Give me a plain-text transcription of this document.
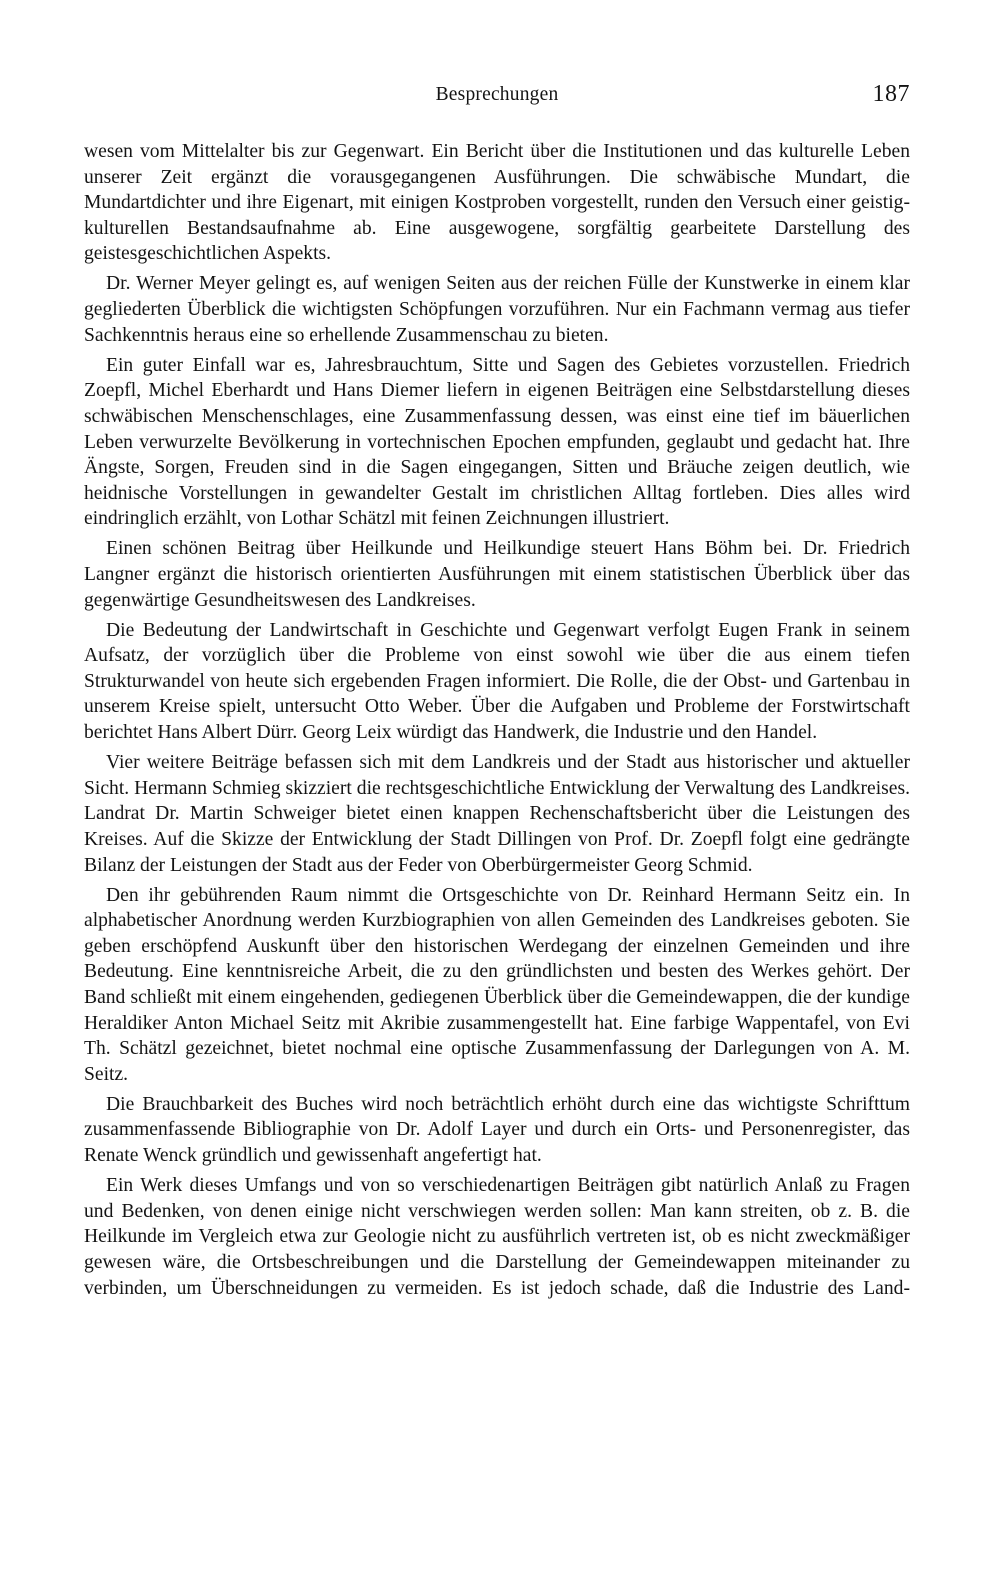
Besprechungen	187

wesen vom Mittelalter bis zur Gegenwart. Ein Bericht über die Institutionen und das kulturelle Leben unserer Zeit ergänzt die vorausgegangenen Ausführungen. Die schwäbische Mundart, die Mundartdichter und ihre Eigenart, mit einigen Kostproben vorgestellt, runden den Versuch einer geistig-kulturellen Bestandsaufnahme ab. Eine ausgewogene, sorgfältig gearbeitete Darstellung des geistesgeschichtlichen Aspekts.

Dr. Werner Meyer gelingt es, auf wenigen Seiten aus der reichen Fülle der Kunstwerke in einem klar gegliederten Überblick die wichtigsten Schöpfungen vorzuführen. Nur ein Fachmann vermag aus tiefer Sachkenntnis heraus eine so erhellende Zusammenschau zu bieten.

Ein guter Einfall war es, Jahresbrauchtum, Sitte und Sagen des Gebietes vorzustellen. Friedrich Zoepfl, Michel Eberhardt und Hans Diemer liefern in eigenen Beiträgen eine Selbstdarstellung dieses schwäbischen Menschenschlages, eine Zusammenfassung dessen, was einst eine tief im bäuerlichen Leben verwurzelte Bevölkerung in vortechnischen Epochen empfunden, geglaubt und gedacht hat. Ihre Ängste, Sorgen, Freuden sind in die Sagen eingegangen, Sitten und Bräuche zeigen deutlich, wie heidnische Vorstellungen in gewandelter Gestalt im christlichen Alltag fortleben. Dies alles wird eindringlich erzählt, von Lothar Schätzl mit feinen Zeichnungen illustriert.

Einen schönen Beitrag über Heilkunde und Heilkundige steuert Hans Böhm bei. Dr. Friedrich Langner ergänzt die historisch orientierten Ausführungen mit einem statistischen Überblick über das gegenwärtige Gesundheitswesen des Landkreises.

Die Bedeutung der Landwirtschaft in Geschichte und Gegenwart verfolgt Eugen Frank in seinem Aufsatz, der vorzüglich über die Probleme von einst sowohl wie über die aus einem tiefen Strukturwandel von heute sich ergebenden Fragen informiert. Die Rolle, die der Obst- und Gartenbau in unserem Kreise spielt, untersucht Otto Weber. Über die Aufgaben und Probleme der Forstwirtschaft berichtet Hans Albert Dürr. Georg Leix würdigt das Handwerk, die Industrie und den Handel.

Vier weitere Beiträge befassen sich mit dem Landkreis und der Stadt aus historischer und aktueller Sicht. Hermann Schmieg skizziert die rechtsgeschichtliche Entwicklung der Verwaltung des Landkreises. Landrat Dr. Martin Schweiger bietet einen knappen Rechenschaftsbericht über die Leistungen des Kreises. Auf die Skizze der Entwicklung der Stadt Dillingen von Prof. Dr. Zoepfl folgt eine gedrängte Bilanz der Leistungen der Stadt aus der Feder von Oberbürgermeister Georg Schmid.

Den ihr gebührenden Raum nimmt die Ortsgeschichte von Dr. Reinhard Hermann Seitz ein. In alphabetischer Anordnung werden Kurzbiographien von allen Gemeinden des Landkreises geboten. Sie geben erschöpfend Auskunft über den historischen Werdegang der einzelnen Gemeinden und ihre Bedeutung. Eine kenntnisreiche Arbeit, die zu den gründlichsten und besten des Werkes gehört. Der Band schließt mit einem eingehenden, gediegenen Überblick über die Gemeindewappen, die der kundige Heraldiker Anton Michael Seitz mit Akribie zusammengestellt hat. Eine farbige Wappentafel, von Evi Th. Schätzl gezeichnet, bietet nochmal eine optische Zusammenfassung der Darlegungen von A. M. Seitz.

Die Brauchbarkeit des Buches wird noch beträchtlich erhöht durch eine das wichtigste Schrifttum zusammenfassende Bibliographie von Dr. Adolf Layer und durch ein Orts- und Personenregister, das Renate Wenck gründlich und gewissenhaft angefertigt hat.

Ein Werk dieses Umfangs und von so verschiedenartigen Beiträgen gibt natürlich Anlaß zu Fragen und Bedenken, von denen einige nicht verschwiegen werden sollen: Man kann streiten, ob z. B. die Heilkunde im Vergleich etwa zur Geologie nicht zu ausführlich vertreten ist, ob es nicht zweckmäßiger gewesen wäre, die Ortsbeschreibungen und die Darstellung der Gemeindewappen miteinander zu verbinden, um Überschneidungen zu vermeiden. Es ist jedoch schade, daß die Industrie des Land-
